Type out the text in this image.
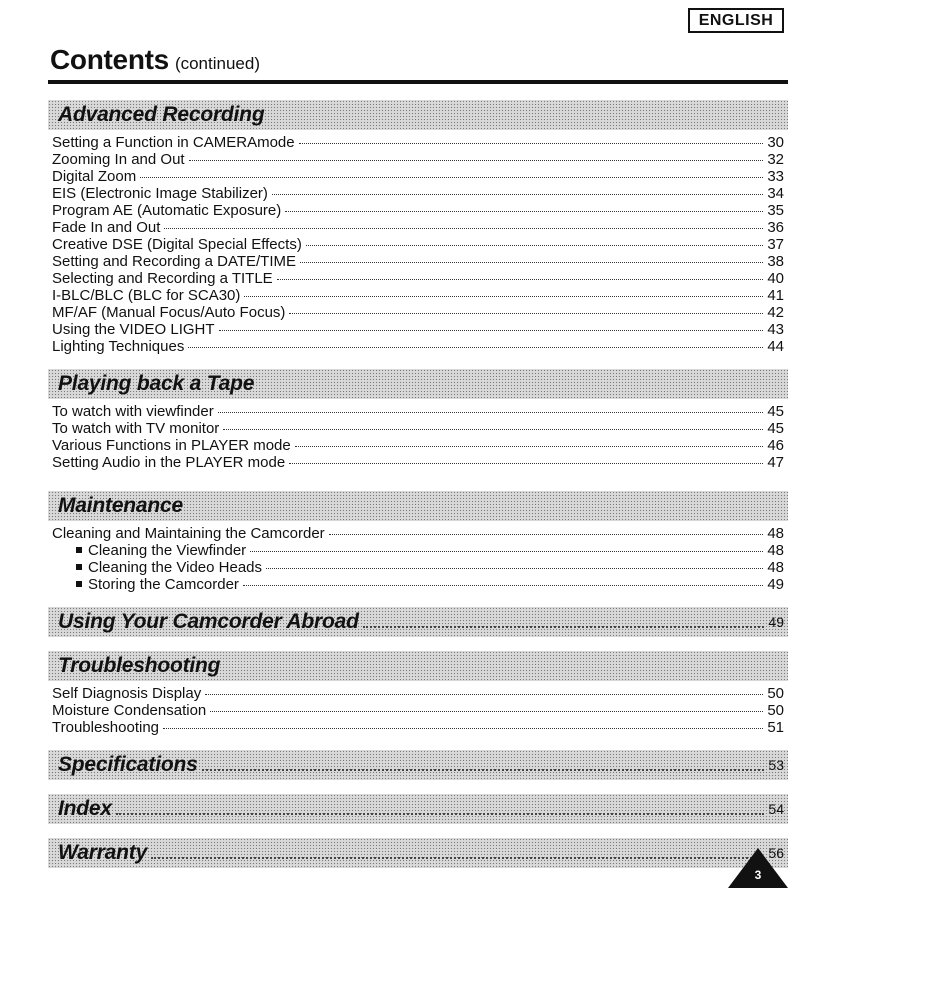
ENGLISH
Contents (continued)
Advanced Recording
Setting a Function in CAMERAmode	30
Zooming In and Out	32
Digital Zoom	33
EIS (Electronic Image Stabilizer)	34
Program AE (Automatic Exposure)	35
Fade In and Out	36
Creative DSE (Digital Special Effects)	37
Setting and Recording a DATE/TIME	38
Selecting and Recording a TITLE	40
I-BLC/BLC (BLC for SCA30)	41
MF/AF (Manual Focus/Auto Focus)	42
Using the VIDEO LIGHT	43
Lighting Techniques	44
Playing back a Tape
To watch with viewfinder	45
To watch with TV monitor	45
Various Functions in PLAYER mode	46
Setting Audio in the PLAYER mode	47
Maintenance
Cleaning and Maintaining the Camcorder	48
Cleaning the Viewfinder	48
Cleaning the Video Heads	48
Storing the Camcorder	49
Using Your Camcorder Abroad	49
Troubleshooting
Self Diagnosis Display	50
Moisture Condensation	50
Troubleshooting	51
Specifications	53
Index	54
Warranty	56
3
